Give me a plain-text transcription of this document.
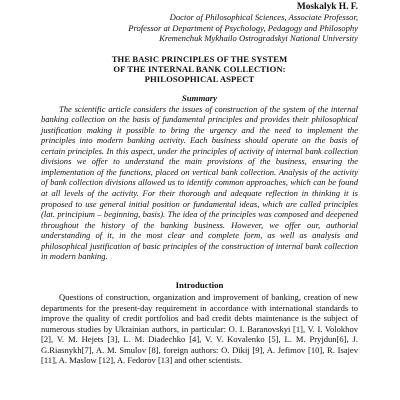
Moskalyk H. F.
Doctor of Philosophical Sciences, Associate Professor,
Professor at Department of Psychology, Pedagogy and Philosophy
Kremenchuk Mykhailo Ostrogradskyi National University
THE BASIC PRINCIPLES OF THE SYSTEM
OF THE INTERNAL BANK COLLECTION:
PHILOSOPHICAL ASPECT
Summary
The scientific article considers the issues of construction of the system of the internal banking collection on the basis of fundamental principles and provides their philosophical justification making it possible to bring the urgency and the need to implement the principles into modern banking activity. Each business should operate on the basis of certain principles. In this aspect, under the principles of activity of internal bank collection divisions we offer to understand the main provisions of the business, ensuring the implementation of the functions, placed on vertical bank collection. Analysis of the activity of bank collection divisions allowed us to identify common approaches, which can be found at all levels of the activity. For their thorough and adequate reflection in thinking it is proposed to use general initial position or fundamental ideas, which are called principles (lat. principium – beginning, basis). The idea of the principles was composed and deepened throughout the history of the banking business. However, we offer our, authorial understanding of it, in the most clear and complete form, as well as analysis and philosophical justification of basic principles of the construction of internal bank collection in modern banking.
Introduction
Questions of construction, organization and improvement of banking, creation of new departments for the present-day requirement in accordance with international standards to improve the quality of credit portfolios and bad credit debts maintenance is the subject of numerous studies by Ukrainian authors, in particular: O. I. Baranovskyi [1], V. I. Volokhov [2], V. M. Hejets [3], L. M. Diadechko [4], V. V. Kovalenko [5], L. M. Pryjdun[6], J. G.Riasnykh[7], A. M. Smulov [8], foreign authors: O. Dikij [9], A. Jefimov [10], R. Isajev [11], A. Maslow [12], A. Fedorov [13] and other scientists.
